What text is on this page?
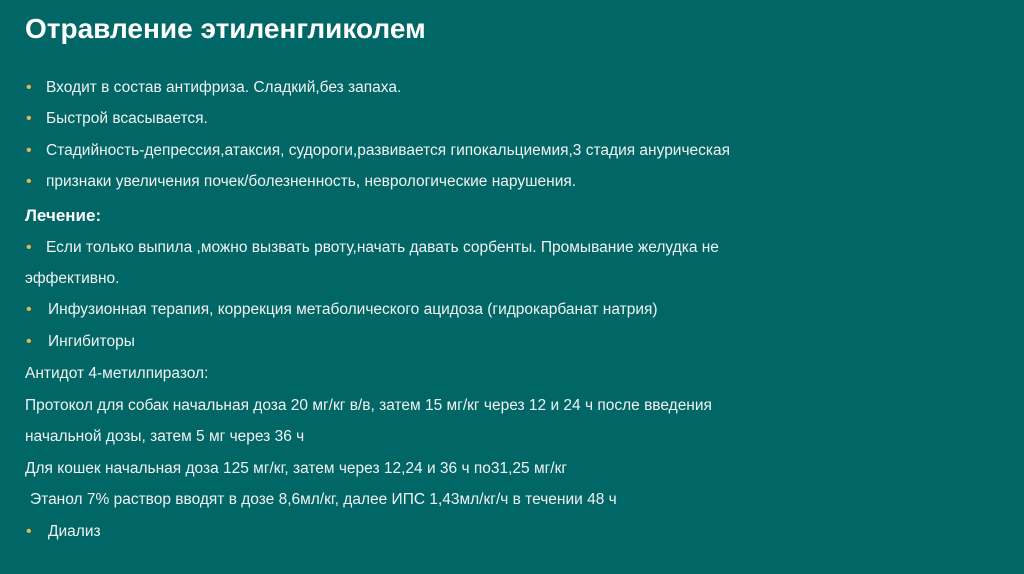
Отравление этиленгликолем
• Входит в состав антифриза. Сладкий,без запаха.
• Быстрой всасывается.
• Стадийность-депрессия,атаксия, судороги,развивается гипокальциемия,3 стадия анурическая
• признаки увеличения почек/болезненность, неврологические нарушения.
Лечение:
• Если только выпила ,можно вызвать рвоту,начать давать сорбенты. Промывание желудка не
эффективно.
• Инфузионная терапия, коррекция метаболического ацидоза (гидрокарбанат натрия)
• Ингибиторы
Антидот 4-метилпиразол:
Протокол для собак начальная доза 20 мг/кг в/в, затем 15 мг/кг через 12 и 24 ч после введения
начальной дозы, затем 5 мг через 36 ч
Для кошек начальная доза 125 мг/кг, затем через 12,24 и 36 ч по31,25 мг/кг
Этанол 7% раствор вводят в дозе 8,6мл/кг, далее ИПС 1,43мл/кг/ч в течении 48 ч
• Диализ
